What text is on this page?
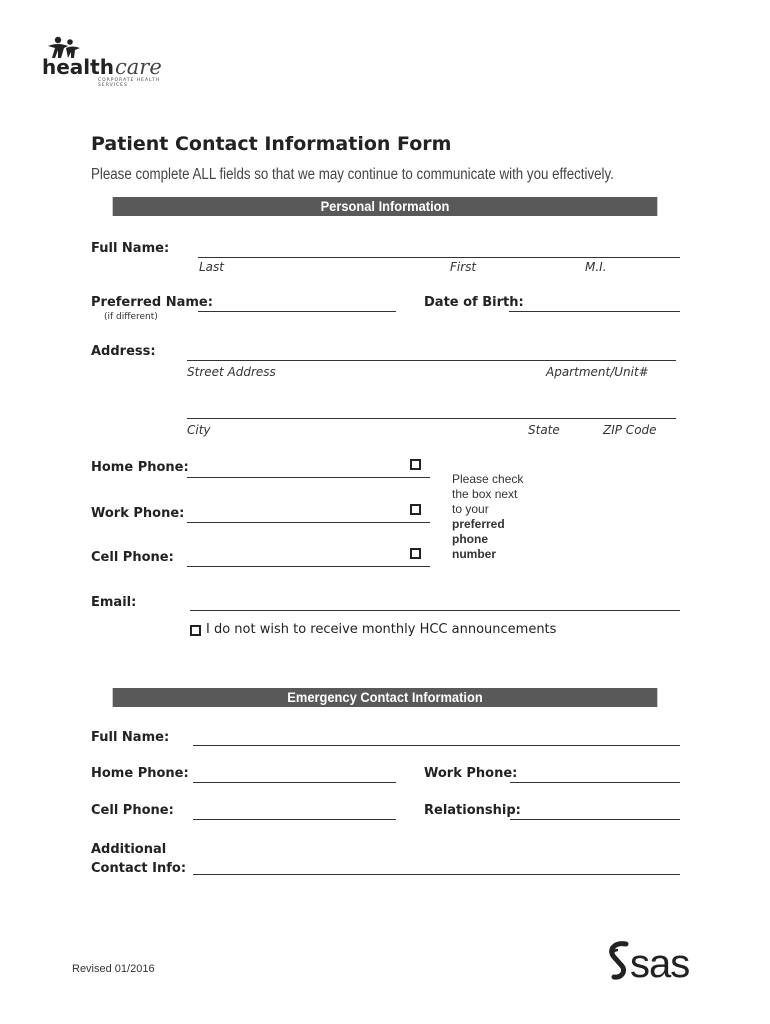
health care
CORPORATE HEALTH SERVICES
Patient Contact Information Form
Please complete ALL fields so that we may continue to communicate with you effectively.
Personal Information
Full Name:
Last	First	M.I.
Preferred Name:
(if different)
Date of Birth:
Address:
Street Address	Apartment/Unit#
City	State	ZIP Code
Home Phone:
Work Phone:
Cell Phone:
Please check
the box next
to your
preferred
phone
number
Email:
I do not wish to receive monthly HCC announcements
Emergency Contact Information
Full Name:
Home Phone:	Work Phone:
Cell Phone:	Relationship:
Additional
Contact Info:
Revised 01/2016	sas
